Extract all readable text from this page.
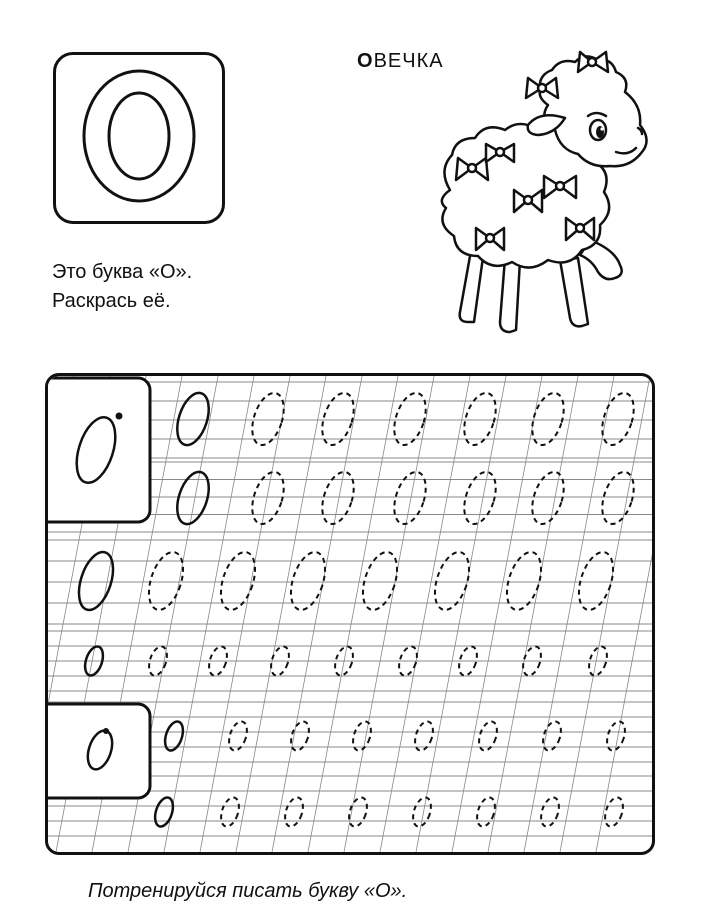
ОВЕЧКА
Это буква «О».
Раскрась её.
Потренируйся писать букву «О».
